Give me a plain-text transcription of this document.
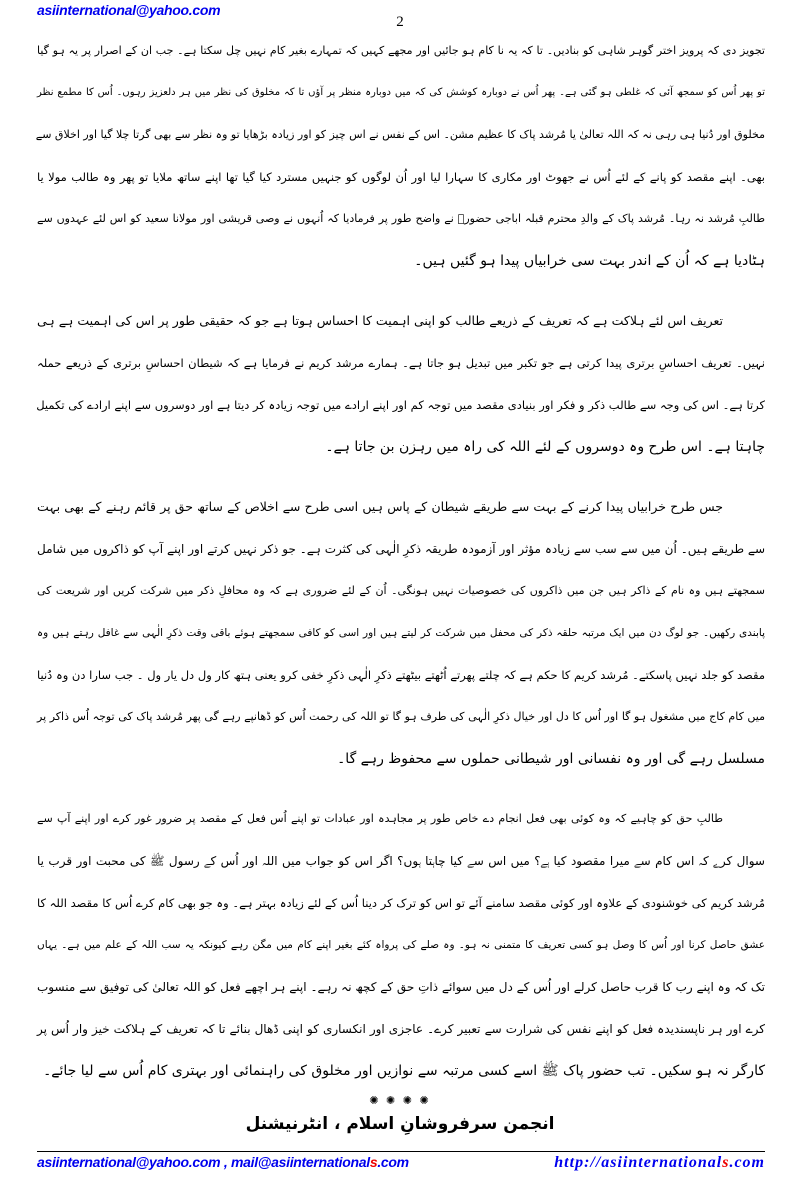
asiinternational@yahoo.com
2
تجویز دی کہ پرویز اختر گوہر شاہی کو بنادیں۔ تا کہ یہ نا کام ہو جائیں اور مجھے کہیں کہ تمہارے بغیر کام نہیں چل سکتا ہے۔ جب ان کے اصرار پر یہ ہو گیا
تو پھر اُس کو سمجھ آئی کہ غلطی ہو گئی ہے۔ پھر اُس نے دوبارہ کوشش کی کہ میں دوبارہ منظر پر آؤں تا کہ مخلوق کی نظر میں ہر دلعزیز رہوں۔ اُس کا مطمع نظر
مخلوق اور دُنیا ہی رہی نہ کہ اللہ تعالیٰ یا مُرشد پاک کا عظیم مشن۔ اس کے نفس نے اس چیز کو اور زیادہ بڑھایا تو وہ نظر سے بھی گرتا چلا گیا اور اخلاق سے
بھی۔ اپنے مقصد کو پانے کے لئے اُس نے جھوٹ اور مکاری کا سہارا لیا اور اُن لوگوں کو جنہیں مسترد کیا گیا تھا اپنے ساتھ ملایا تو پھر وہ طالب مولا یا
طالبِ مُرشد نہ رہا۔ مُرشد پاک کے والدِ محترم قبلہ اباجی حضورؒ نے واضح طور پر فرمادیا کہ اُنہوں نے وصی قریشی اور مولانا سعید کو اس لئے عہدوں سے
ہٹادیا ہے کہ اُن کے اندر بہت سی خرابیاں پیدا ہو گئیں ہیں۔
تعریف اس لئے ہلاکت ہے کہ تعریف کے ذریعے طالب کو اپنی اہمیت کا احساس ہوتا ہے جو کہ حقیقی طور پر اس کی اہمیت ہے ہی
نہیں۔ تعریف احساسِ برتری پیدا کرتی ہے جو تکبر میں تبدیل ہو جاتا ہے۔ ہمارے مرشد کریم نے فرمایا ہے کہ شیطان احساسِ برتری کے ذریعے حملہ
کرتا ہے۔ اس کی وجہ سے طالب ذکر و فکر اور بنیادی مقصد میں توجہ کم اور اپنے ارادے میں توجہ زیادہ کر دیتا ہے اور دوسروں سے اپنے ارادے کی تکمیل
چاہتا ہے۔ اس طرح وہ دوسروں کے لئے اللہ کی راہ میں رہزن بن جاتا ہے۔
جس طرح خرابیاں پیدا کرنے کے بہت سے طریقے شیطان کے پاس ہیں اسی طرح سے اخلاص کے ساتھ حق پر قائم رہنے کے بھی بہت
سے طریقے ہیں۔ اُن میں سے سب سے زیادہ مؤثر اور آزمودہ طریقہ ذکرِ الٰہی کی کثرت ہے۔ جو ذکر نہیں کرتے اور اپنے آپ کو ذاکروں میں شامل
سمجھتے ہیں وہ نام کے ذاکر ہیں جن میں ذاکروں کی خصوصیات نہیں ہونگی۔ اُن کے لئے ضروری ہے کہ وہ محافلِ ذکر میں شرکت کریں اور شریعت کی
پابندی رکھیں۔ جو لوگ دن میں ایک مرتبہ حلقہ ذکر کی محفل میں شرکت کر لیتے ہیں اور اسی کو کافی سمجھتے ہوئے باقی وقت ذکرِ الٰہی سے غافل رہتے ہیں وہ
مقصد کو جلد نہیں پاسکتے۔ مُرشد کریم کا حکم ہے کہ چلتے پھرتے اُٹھتے بیٹھتے ذکرِ الٰہی ذکرِ خفی کرو یعنی ہتھ کار ول دل یار ول ۔ جب سارا دن وہ دُنیا
میں کام کاج میں مشغول ہو گا اور اُس کا دل اور خیال ذکرِ الٰہی کی طرف ہو گا تو اللہ کی رحمت اُس کو ڈھانپے رہے گی پھر مُرشد پاک کی توجہ اُس ذاکر پر
مسلسل رہے گی اور وہ نفسانی اور شیطانی حملوں سے محفوظ رہے گا۔
طالبِ حق کو چاہیے کہ وہ کوئی بھی فعل انجام دے خاص طور پر مجاہدہ اور عبادات تو اپنے اُس فعل کے مقصد پر ضرور غور کرے اور اپنے آپ سے
سوال کرے کہ اس کام سے میرا مقصود کیا ہے؟ میں اس سے کیا چاہتا ہوں؟ اگر اس کو جواب میں اللہ اور اُس کے رسول ﷺ کی محبت اور قرب یا
مُرشد کریم کی خوشنودی کے علاوہ اور کوئی مقصد سامنے آئے تو اس کو ترک کر دینا اُس کے لئے زیادہ بہتر ہے۔ وہ جو بھی کام کرے اُس کا مقصد اللہ کا
عشق حاصل کرنا اور اُس کا وصل ہو کسی تعریف کا متمنی نہ ہو۔ وہ صلے کی پرواہ کئے بغیر اپنے کام میں مگن رہے کیونکہ یہ سب اللہ کے علم میں ہے۔ یہاں
تک کہ وہ اپنے رب کا قرب حاصل کرلے اور اُس کے دل میں سوائے ذاتِ حق کے کچھ نہ رہے۔ اپنے ہر اچھے فعل کو اللہ تعالیٰ کی توفیق سے منسوب
کرے اور ہر ناپسندیدہ فعل کو اپنے نفس کی شرارت سے تعبیر کرے۔ عاجزی اور انکساری کو اپنی ڈھال بنائے تا کہ تعریف کے ہلاکت خیز وار اُس پر
کارگر نہ ہو سکیں۔ تب حضور پاک ﷺ اسے کسی مرتبہ سے نوازیں اور مخلوق کی راہنمائی اور بہتری کام اُس سے لیا جائے۔
✺ ✺ ✺ ✺
انجمن سرفروشانِ اسلام ، انٹرنیشنل
asiinternational@yahoo.com , mail@asiinternationals.com	http://asiinternationals.com
